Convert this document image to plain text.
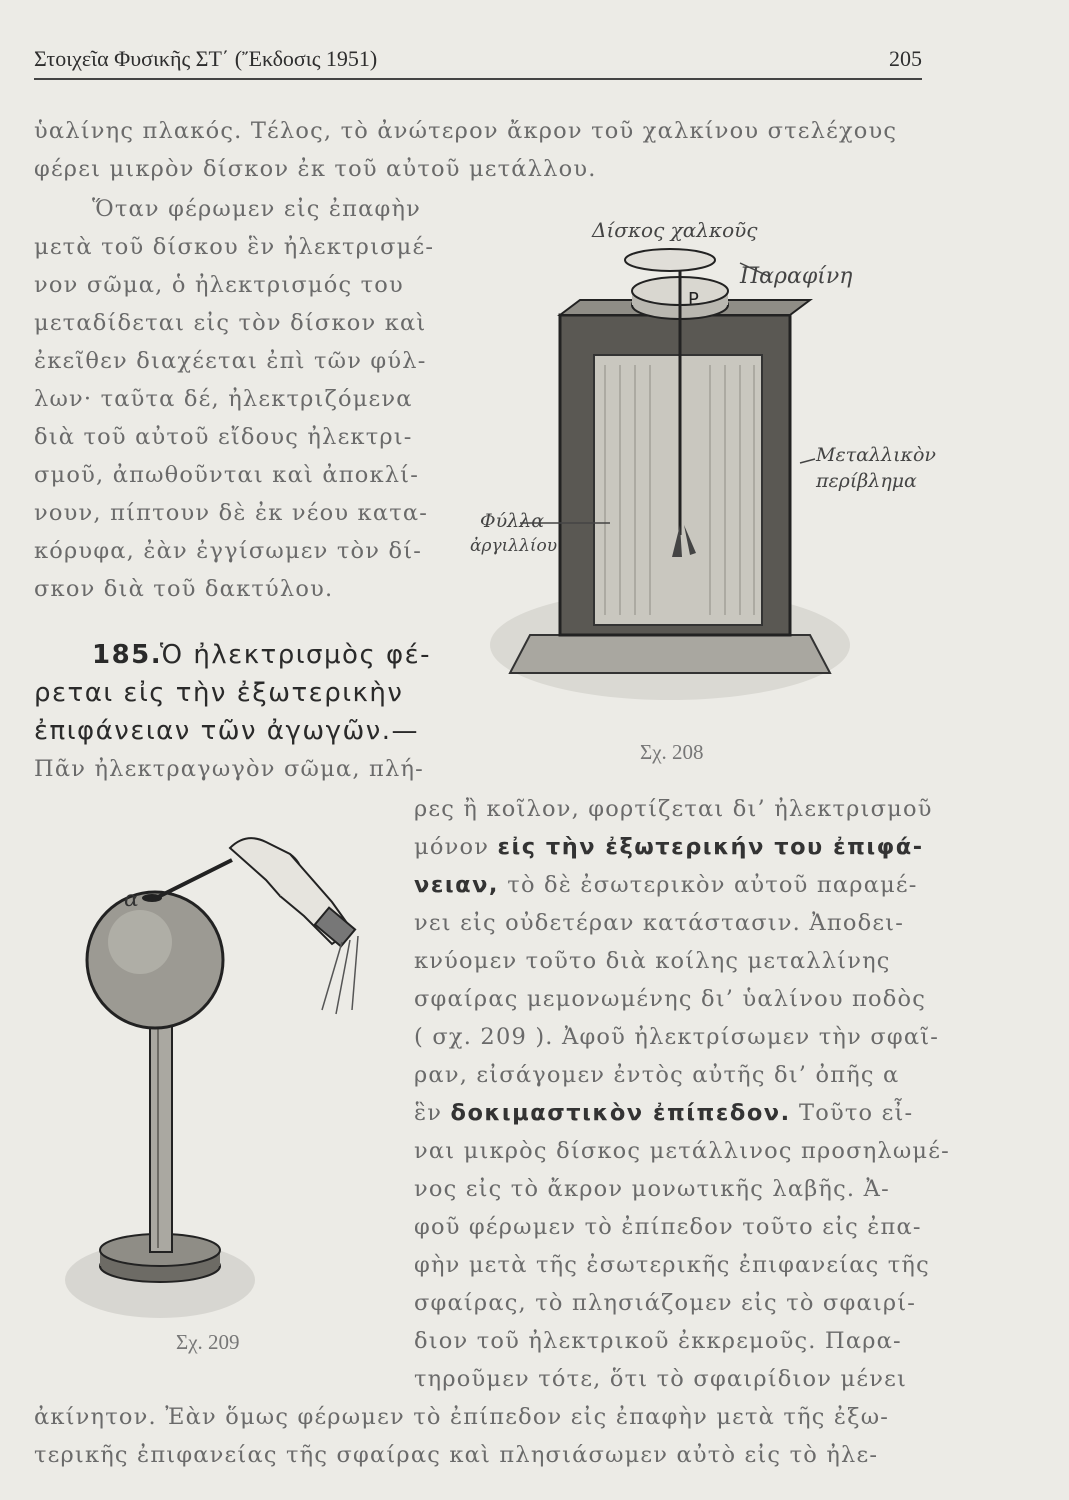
Στοιχεῖα Φυσικῆς ΣΤ΄ (Ἔκδοσις 1951)	205
ὑαλίνης πλακός. Τέλος, τὸ ἀνώτερον ἄκρον τοῦ χαλκίνου στελέχους
φέρει μικρὸν δίσκον ἐκ τοῦ αὐτοῦ μετάλλου.
Ὅταν φέρωμεν εἰς ἐπαφὴν
μετὰ τοῦ δίσκου ἓν ἠλεκτρισμέ-
νον σῶμα, ὁ ἠλεκτρισμός του
μεταδίδεται εἰς τὸν δίσκον καὶ
ἐκεῖθεν διαχέεται ἐπὶ τῶν φύλ-
λων· ταῦτα δέ, ἠλεκτριζόμενα
διὰ τοῦ αὐτοῦ εἴδους ἠλεκτρι-
σμοῦ, ἀπωθοῦνται καὶ ἀποκλί-
νουν, πίπτουν δὲ ἐκ νέου κατα-
κόρυφα, ἐὰν ἐγγίσωμεν τὸν δί-
σκον διὰ τοῦ δακτύλου.
185.
Ὁ ἠλεκτρισμὸς φέ-
ρεται εἰς τὴν ἐξωτερικὴν
ἐπιφάνειαν τῶν ἀγωγῶν.—
Πᾶν ἠλεκτραγωγὸν σῶμα, πλή-
ρες ἢ κοῖλον, φορτίζεται δι’ ἠλεκτρισμοῦ
μόνον εἰς τὴν ἐξωτερικήν του ἐπιφά-
νειαν, τὸ δὲ ἐσωτερικὸν αὐτοῦ παραμέ-
νει εἰς οὐδετέραν κατάστασιν. Ἀποδει-
κνύομεν τοῦτο διὰ κοίλης μεταλλίνης
σφαίρας μεμονωμένης δι’ ὑαλίνου ποδὸς
( σχ. 209 ). Ἀφοῦ ἠλεκτρίσωμεν τὴν σφαῖ-
ραν, εἰσάγομεν ἐντὸς αὐτῆς δι’ ὀπῆς α
ἓν δοκιμαστικὸν ἐπίπεδον. Τοῦτο εἶ-
ναι μικρὸς δίσκος μετάλλινος προσηλωμέ-
νος εἰς τὸ ἄκρον μονωτικῆς λαβῆς. Ἀ-
φοῦ φέρωμεν τὸ ἐπίπεδον τοῦτο εἰς ἐπα-
φὴν μετὰ τῆς ἐσωτερικῆς ἐπιφανείας τῆς
σφαίρας, τὸ πλησιάζομεν εἰς τὸ σφαιρί-
διον τοῦ ἠλεκτρικοῦ ἐκκρεμοῦς. Παρα-
τηροῦμεν τότε, ὅτι τὸ σφαιρίδιον μένει
ἀκίνητον. Ἐὰν ὅμως φέρωμεν τὸ ἐπίπεδον εἰς ἐπαφὴν μετὰ τῆς ἐξω-
τερικῆς ἐπιφανείας τῆς σφαίρας καὶ πλησιάσωμεν αὐτὸ εἰς τὸ ἠλε-
P
Δίσκος χαλκοῦς
Παραφίνη
Μεταλλικὸν
περίβλημα
Φύλλα
ἀργιλλίου
Σχ. 208
α
Σχ. 209
